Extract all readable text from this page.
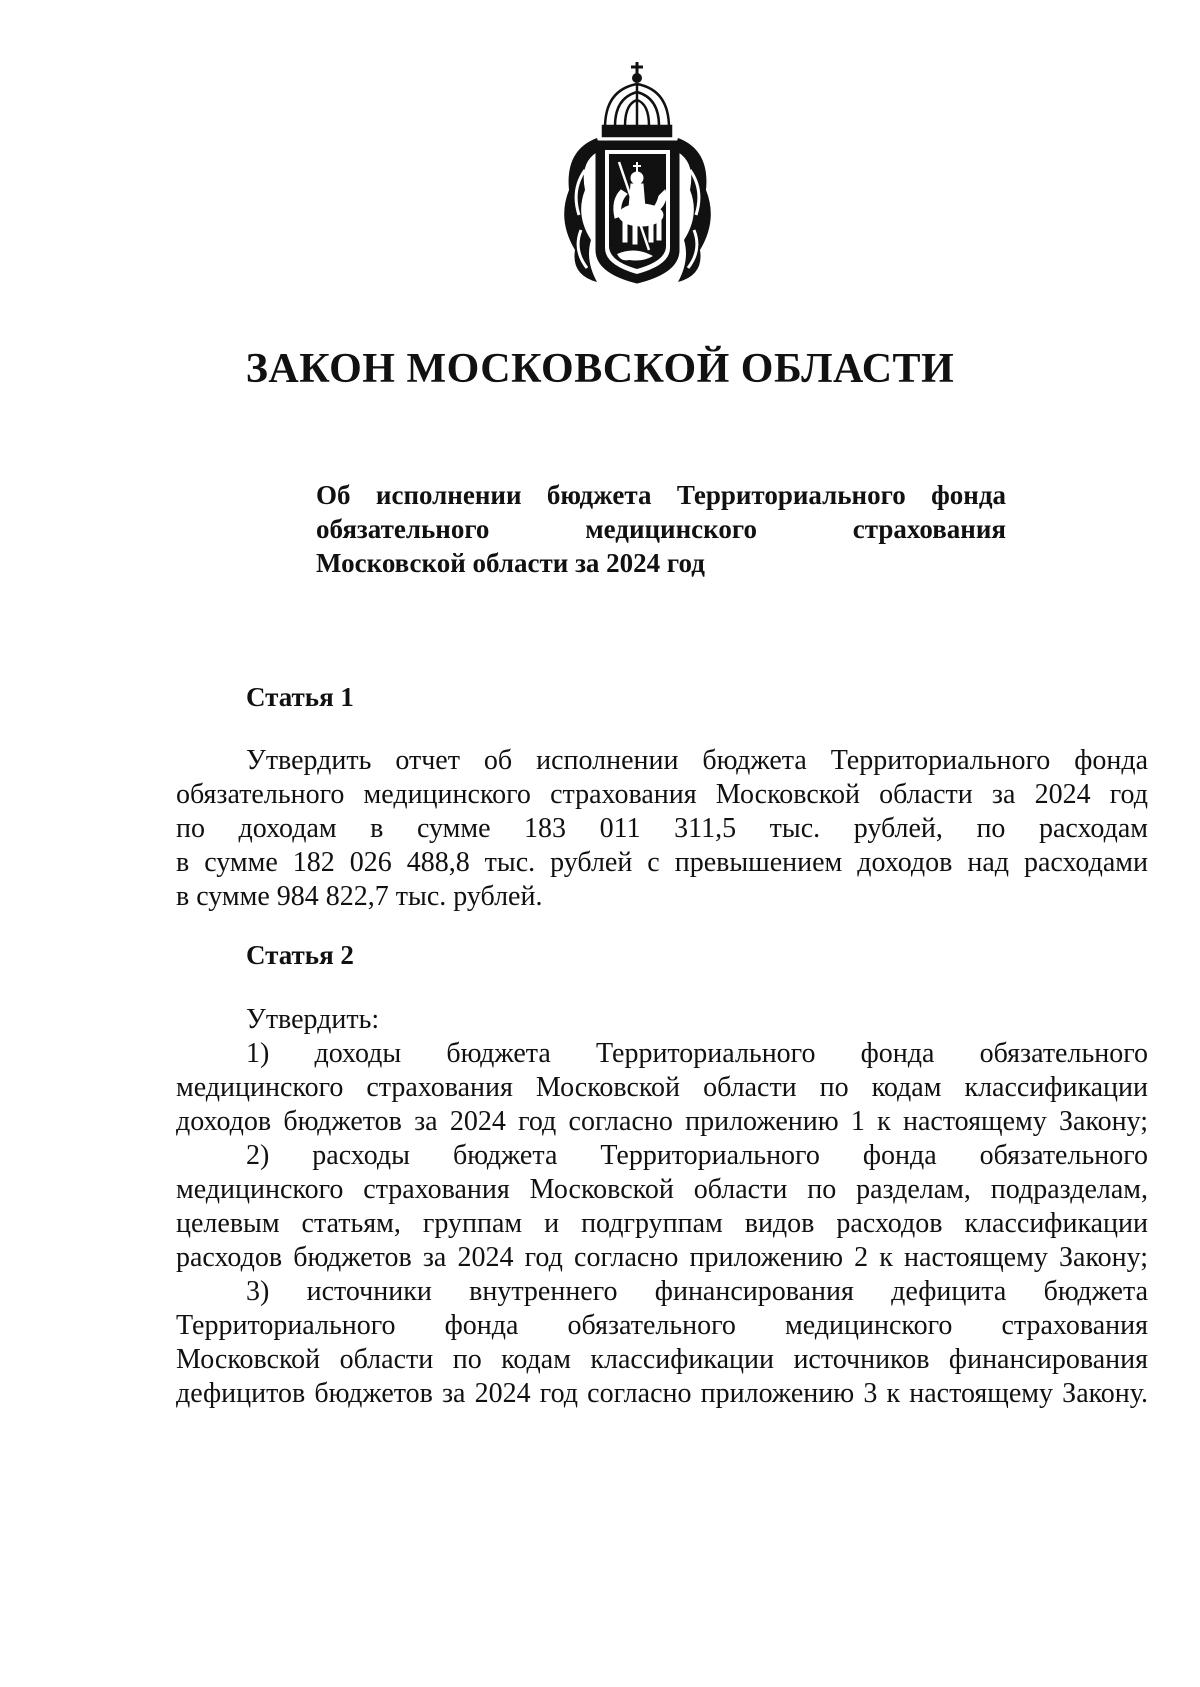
ЗАКОН МОСКОВСКОЙ ОБЛАСТИ
Об исполнении бюджета Территориального фонда
обязательного медицинского страхования
Московской области за 2024 год
Статья 1
Утвердить отчет об исполнении бюджета Территориального фонда
обязательного медицинского страхования Московской области за 2024 год
по доходам в сумме 183 011 311,5 тыс. рублей, по расходам
в сумме 182 026 488,8 тыс. рублей с превышением доходов над расходами
в сумме 984 822,7 тыс. рублей.
Статья 2
Утвердить:
1) доходы бюджета Территориального фонда обязательного
медицинского страхования Московской области по кодам классификации
доходов бюджетов за 2024 год согласно приложению 1 к настоящему Закону;
2) расходы бюджета Территориального фонда обязательного
медицинского страхования Московской области по разделам, подразделам,
целевым статьям, группам и подгруппам видов расходов классификации
расходов бюджетов за 2024 год согласно приложению 2 к настоящему Закону;
3) источники внутреннего финансирования дефицита бюджета
Территориального фонда обязательного медицинского страхования
Московской области по кодам классификации источников финансирования
дефицитов бюджетов за 2024 год согласно приложению 3 к настоящему Закону.
